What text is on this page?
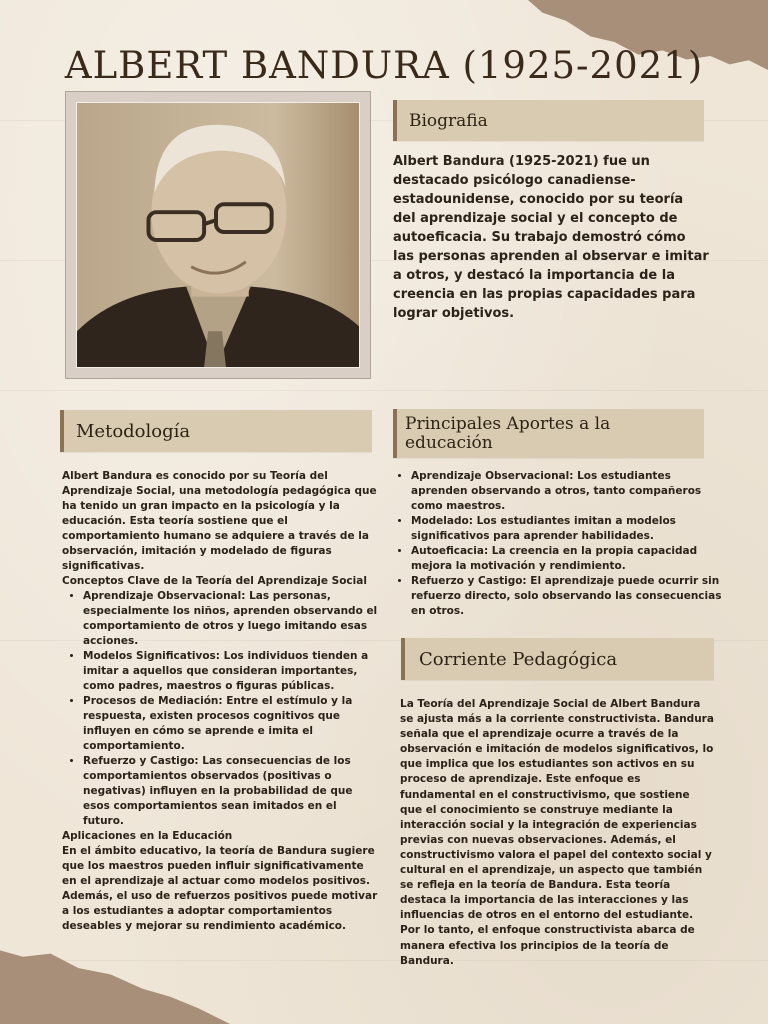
ALBERT BANDURA (1925-2021)
Biografia

Albert Bandura (1925-2021) fue un destacado psicólogo canadiense-estadounidense, conocido por su teoría del aprendizaje social y el concepto de autoeficacia. Su trabajo demostró cómo las personas aprenden al observar e imitar a otros, y destacó la importancia de la creencia en las propias capacidades para lograr objetivos.

Metodología

Albert Bandura es conocido por su Teoría del Aprendizaje Social, una metodología pedagógica que ha tenido un gran impacto en la psicología y la educación. Esta teoría sostiene que el comportamiento humano se adquiere a través de la observación, imitación y modelado de figuras significativas.

Conceptos Clave de la Teoría del Aprendizaje Social

• Aprendizaje Observacional: Las personas, especialmente los niños, aprenden observando el comportamiento de otros y luego imitando esas acciones.
• Modelos Significativos: Los individuos tienden a imitar a aquellos que consideran importantes, como padres, maestros o figuras públicas.
• Procesos de Mediación: Entre el estímulo y la respuesta, existen procesos cognitivos que influyen en cómo se aprende e imita el comportamiento.
• Refuerzo y Castigo: Las consecuencias de los comportamientos observados (positivas o negativas) influyen en la probabilidad de que esos comportamientos sean imitados en el futuro.

Aplicaciones en la Educación

En el ámbito educativo, la teoría de Bandura sugiere que los maestros pueden influir significativamente en el aprendizaje al actuar como modelos positivos. Además, el uso de refuerzos positivos puede motivar a los estudiantes a adoptar comportamientos deseables y mejorar su rendimiento académico.

Principales Aportes a la
educación
• Aprendizaje Observacional: Los estudiantes aprenden observando a otros, tanto compañeros como maestros.
• Modelado: Los estudiantes imitan a modelos significativos para aprender habilidades.
• Autoeficacia: La creencia en la propia capacidad mejora la motivación y rendimiento.
• Refuerzo y Castigo: El aprendizaje puede ocurrir sin refuerzo directo, solo observando las consecuencias en otros.
Corriente Pedagógica

La Teoría del Aprendizaje Social de Albert Bandura se ajusta más a la corriente constructivista. Bandura señala que el aprendizaje ocurre a través de la observación e imitación de modelos significativos, lo que implica que los estudiantes son activos en su proceso de aprendizaje. Este enfoque es fundamental en el constructivismo, que sostiene que el conocimiento se construye mediante la interacción social y la integración de experiencias previas con nuevas observaciones. Además, el constructivismo valora el papel del contexto social y cultural en el aprendizaje, un aspecto que también se refleja en la teoría de Bandura. Esta teoría destaca la importancia de las interacciones y las influencias de otros en el entorno del estudiante. Por lo tanto, el enfoque constructivista abarca de manera efectiva los principios de la teoría de Bandura.
